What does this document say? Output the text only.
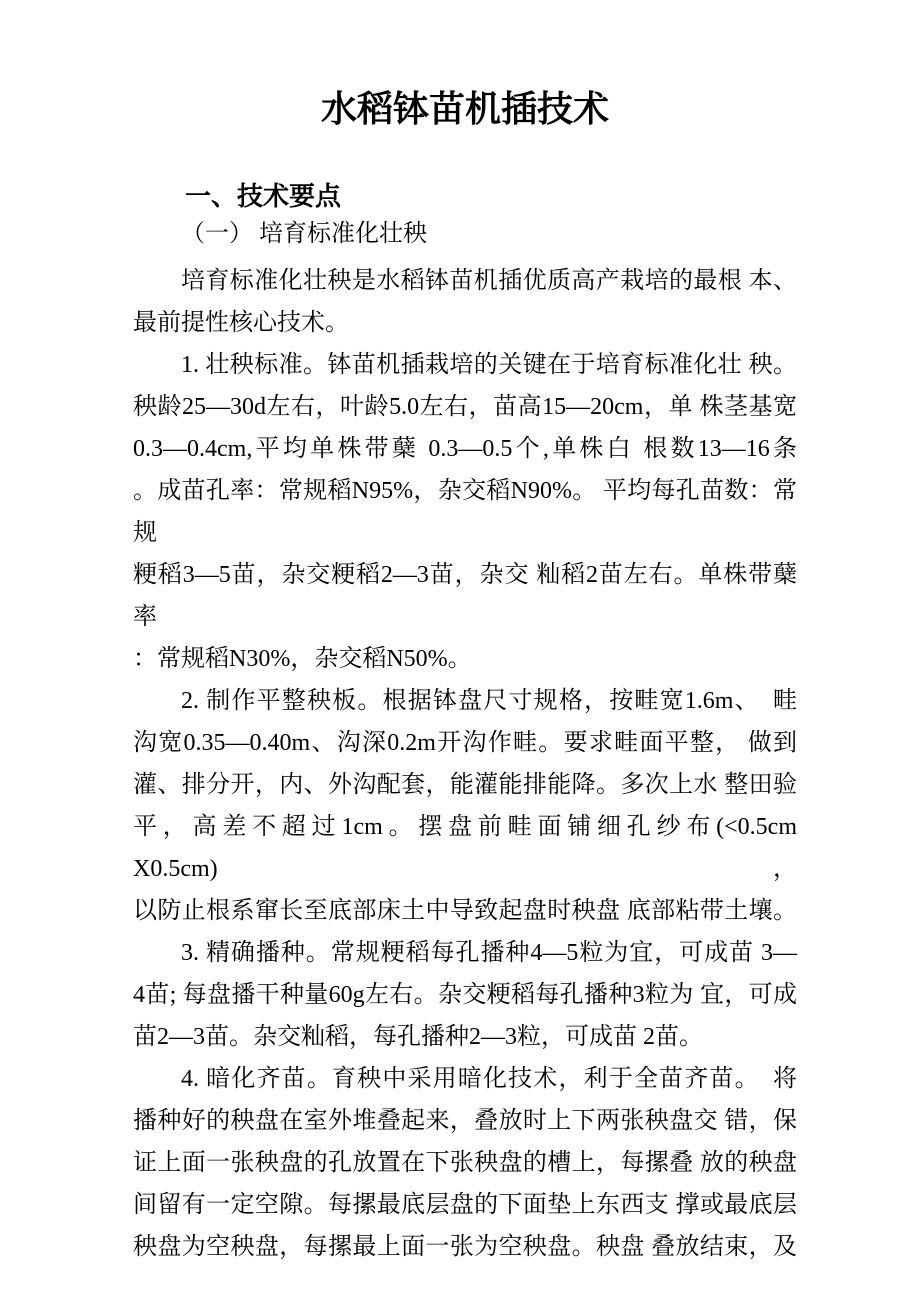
水稻钵苗机插技术
一、技术要点
（一） 培育标准化壮秧
培育标准化壮秧是水稻钵苗机插优质高产栽培的最根 本、
最前提性核心技术。
1. 壮秧标准。钵苗机插栽培的关键在于培育标准化壮 秧。
秧龄25—30d左右，叶龄5.0左右，苗高15—20cm，单 株茎基宽
0.3—0.4cm,平均单株带蘖 0.3—0.5个,单株白 根数13—16条
。成苗孔率：常规稻N95%，杂交稻N90%。 平均每孔苗数：常规
粳稻3—5苗，杂交粳稻2—3苗，杂交 籼稻2苗左右。单株带蘖率
：常规稻N30%，杂交稻N50%。
2. 制作平整秧板。根据钵盘尺寸规格，按畦宽1.6m、　畦
沟宽0.35—0.40m、沟深0.2m开沟作畦。要求畦面平整， 做到
灌、排分开，内、外沟配套，能灌能排能降。多次上水 整田验
平，高差不超过1cm。摆盘前畦面铺细孔纱布(<0.5cm X0.5cm)，
以防止根系窜长至底部床土中导致起盘时秧盘 底部粘带土壤。
3. 精确播种。常规粳稻每孔播种4—5粒为宜，可成苗 3—
4苗; 每盘播干种量60g左右。杂交粳稻每孔播种3粒为 宜，可成
苗2—3苗。杂交籼稻，每孔播种2—3粒，可成苗 2苗。
4. 暗化齐苗。育秧中采用暗化技术，利于全苗齐苗。　将
播种好的秧盘在室外堆叠起来，叠放时上下两张秧盘交 错，保
证上面一张秧盘的孔放置在下张秧盘的槽上，每摞叠 放的秧盘
间留有一定空隙。每摞最底层盘的下面垫上东西支 撑或最底层
秧盘为空秧盘，每摞最上面一张为空秧盘。秧盘 叠放结束，及
